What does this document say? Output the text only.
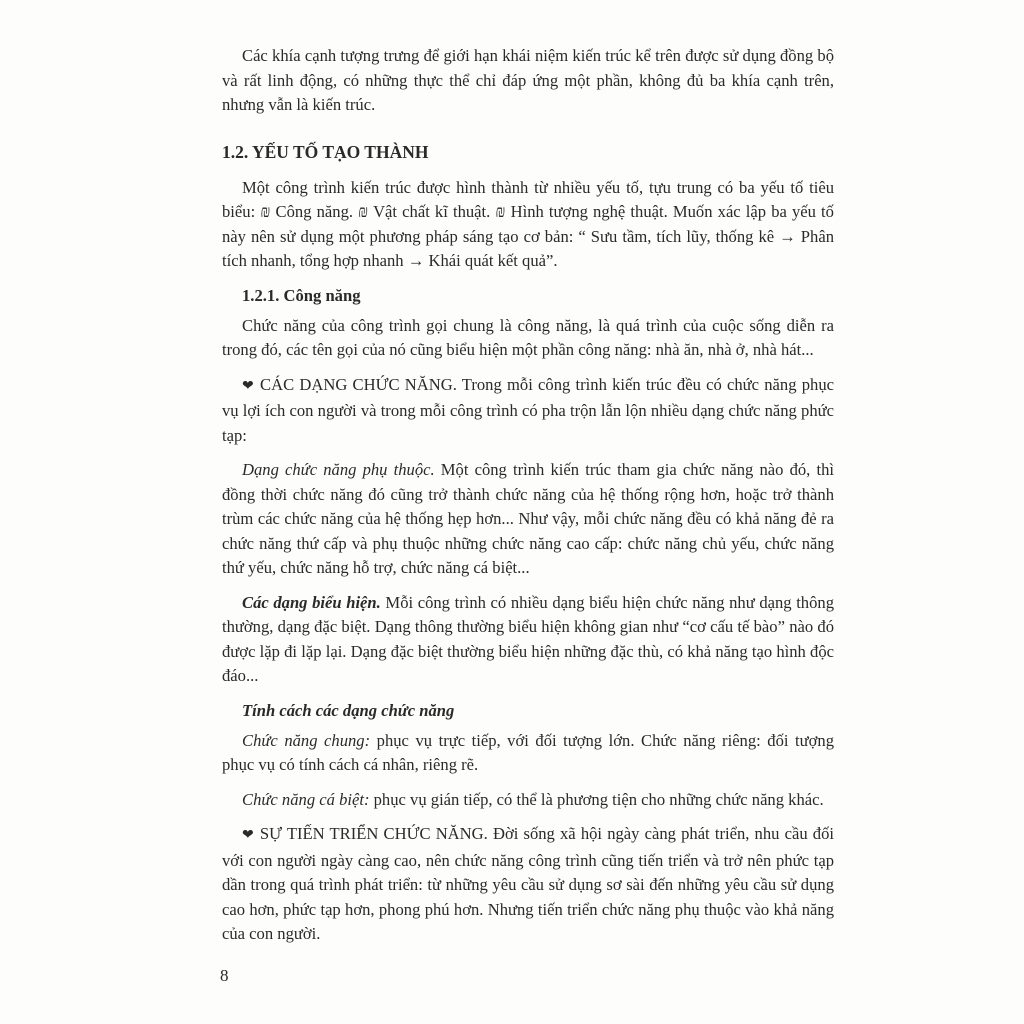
Các khía cạnh tượng trưng để giới hạn khái niệm kiến trúc kể trên được sử dụng đồng bộ và rất linh động, có những thực thể chỉ đáp ứng một phần, không đủ ba khía cạnh trên, nhưng vẫn là kiến trúc.

1.2. YẾU TỐ TẠO THÀNH

Một công trình kiến trúc được hình thành từ nhiều yếu tố, tựu trung có ba yếu tố tiêu biểu: ₪ Công năng. ₪ Vật chất kĩ thuật. ₪ Hình tượng nghệ thuật. Muốn xác lập ba yếu tố này nên sử dụng một phương pháp sáng tạo cơ bản: “ Sưu tầm, tích lũy, thống kê → Phân tích nhanh, tổng hợp nhanh → Khái quát kết quả”.

1.2.1. Công năng

Chức năng của công trình gọi chung là công năng, là quá trình của cuộc sống diễn ra trong đó, các tên gọi của nó cũng biểu hiện một phần công năng: nhà ăn, nhà ở, nhà hát...

❤ CÁC DẠNG CHỨC NĂNG. Trong mỗi công trình kiến trúc đều có chức năng phục vụ lợi ích con người và trong mỗi công trình có pha trộn lẫn lộn nhiều dạng chức năng phức tạp:

Dạng chức năng phụ thuộc. Một công trình kiến trúc tham gia chức năng nào đó, thì đồng thời chức năng đó cũng trở thành chức năng của hệ thống rộng hơn, hoặc trở thành trùm các chức năng của hệ thống hẹp hơn... Như vậy, mỗi chức năng đều có khả năng đẻ ra chức năng thứ cấp và phụ thuộc những chức năng cao cấp: chức năng chủ yếu, chức năng thứ yếu, chức năng hỗ trợ, chức năng cá biệt...

Các dạng biểu hiện. Mỗi công trình có nhiều dạng biểu hiện chức năng như dạng thông thường, dạng đặc biệt. Dạng thông thường biểu hiện không gian như “cơ cấu tế bào” nào đó được lặp đi lặp lại. Dạng đặc biệt thường biểu hiện những đặc thù, có khả năng tạo hình độc đáo...

Tính cách các dạng chức năng

Chức năng chung: phục vụ trực tiếp, với đối tượng lớn. Chức năng riêng: đối tượng phục vụ có tính cách cá nhân, riêng rẽ.

Chức năng cá biệt: phục vụ gián tiếp, có thể là phương tiện cho những chức năng khác.

❤ SỰ TIẾN TRIỂN CHỨC NĂNG. Đời sống xã hội ngày càng phát triển, nhu cầu đối với con người ngày càng cao, nên chức năng công trình cũng tiến triển và trở nên phức tạp dần trong quá trình phát triển: từ những yêu cầu sử dụng sơ sài đến những yêu cầu sử dụng cao hơn, phức tạp hơn, phong phú hơn. Nhưng tiến triển chức năng phụ thuộc vào khả năng của con người.

8
